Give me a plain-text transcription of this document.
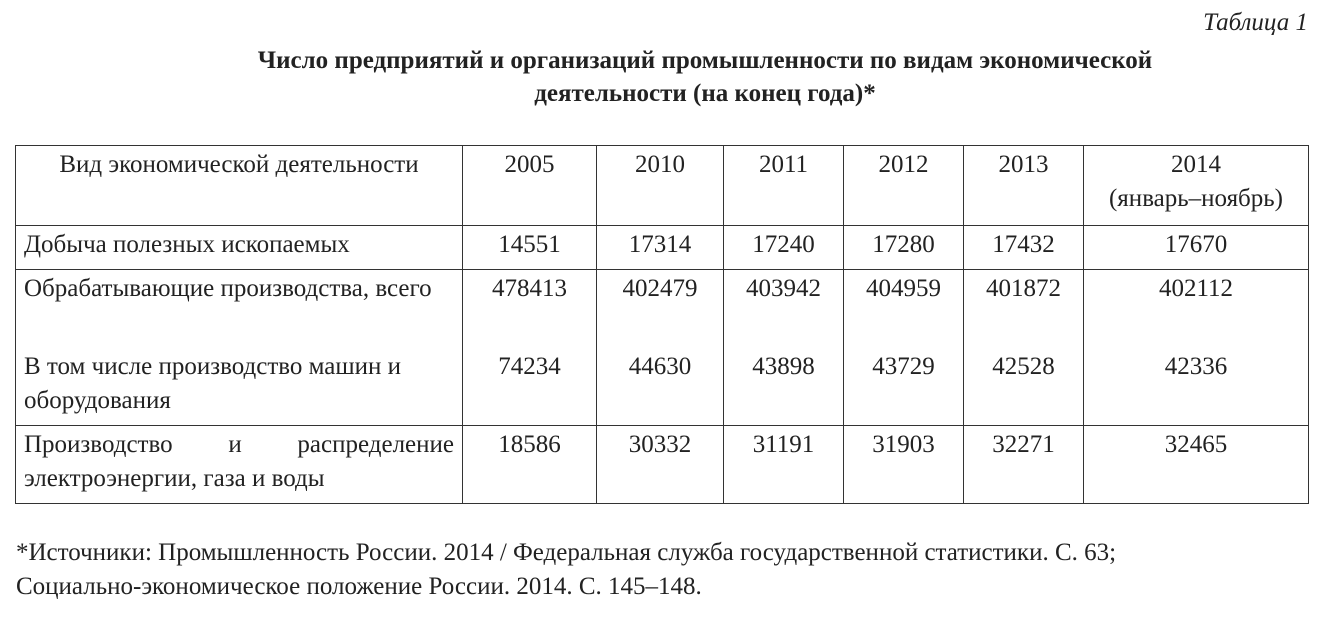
Таблица 1
Число предприятий и организаций промышленности по видам экономической
деятельности (на конец года)*
Вид экономической деятельности	2005	2010	2011	2012	2013	2014
(январь–ноябрь)
Добыча полезных ископаемых	14551	17314	17240	17280	17432	17670
Обрабатывающие производства, всего	478413	402479	403942	404959	401872	402112
В том числе производство машин и оборудования	74234	44630	43898	43729	42528	42336
Производство и распределение электроэнергии, газа и воды	18586	30332	31191	31903	32271	32465
*Источники: Промышленность России. 2014 / Федеральная служба государственной статистики. С. 63;
Социально-экономическое положение России. 2014. С. 145–148.
